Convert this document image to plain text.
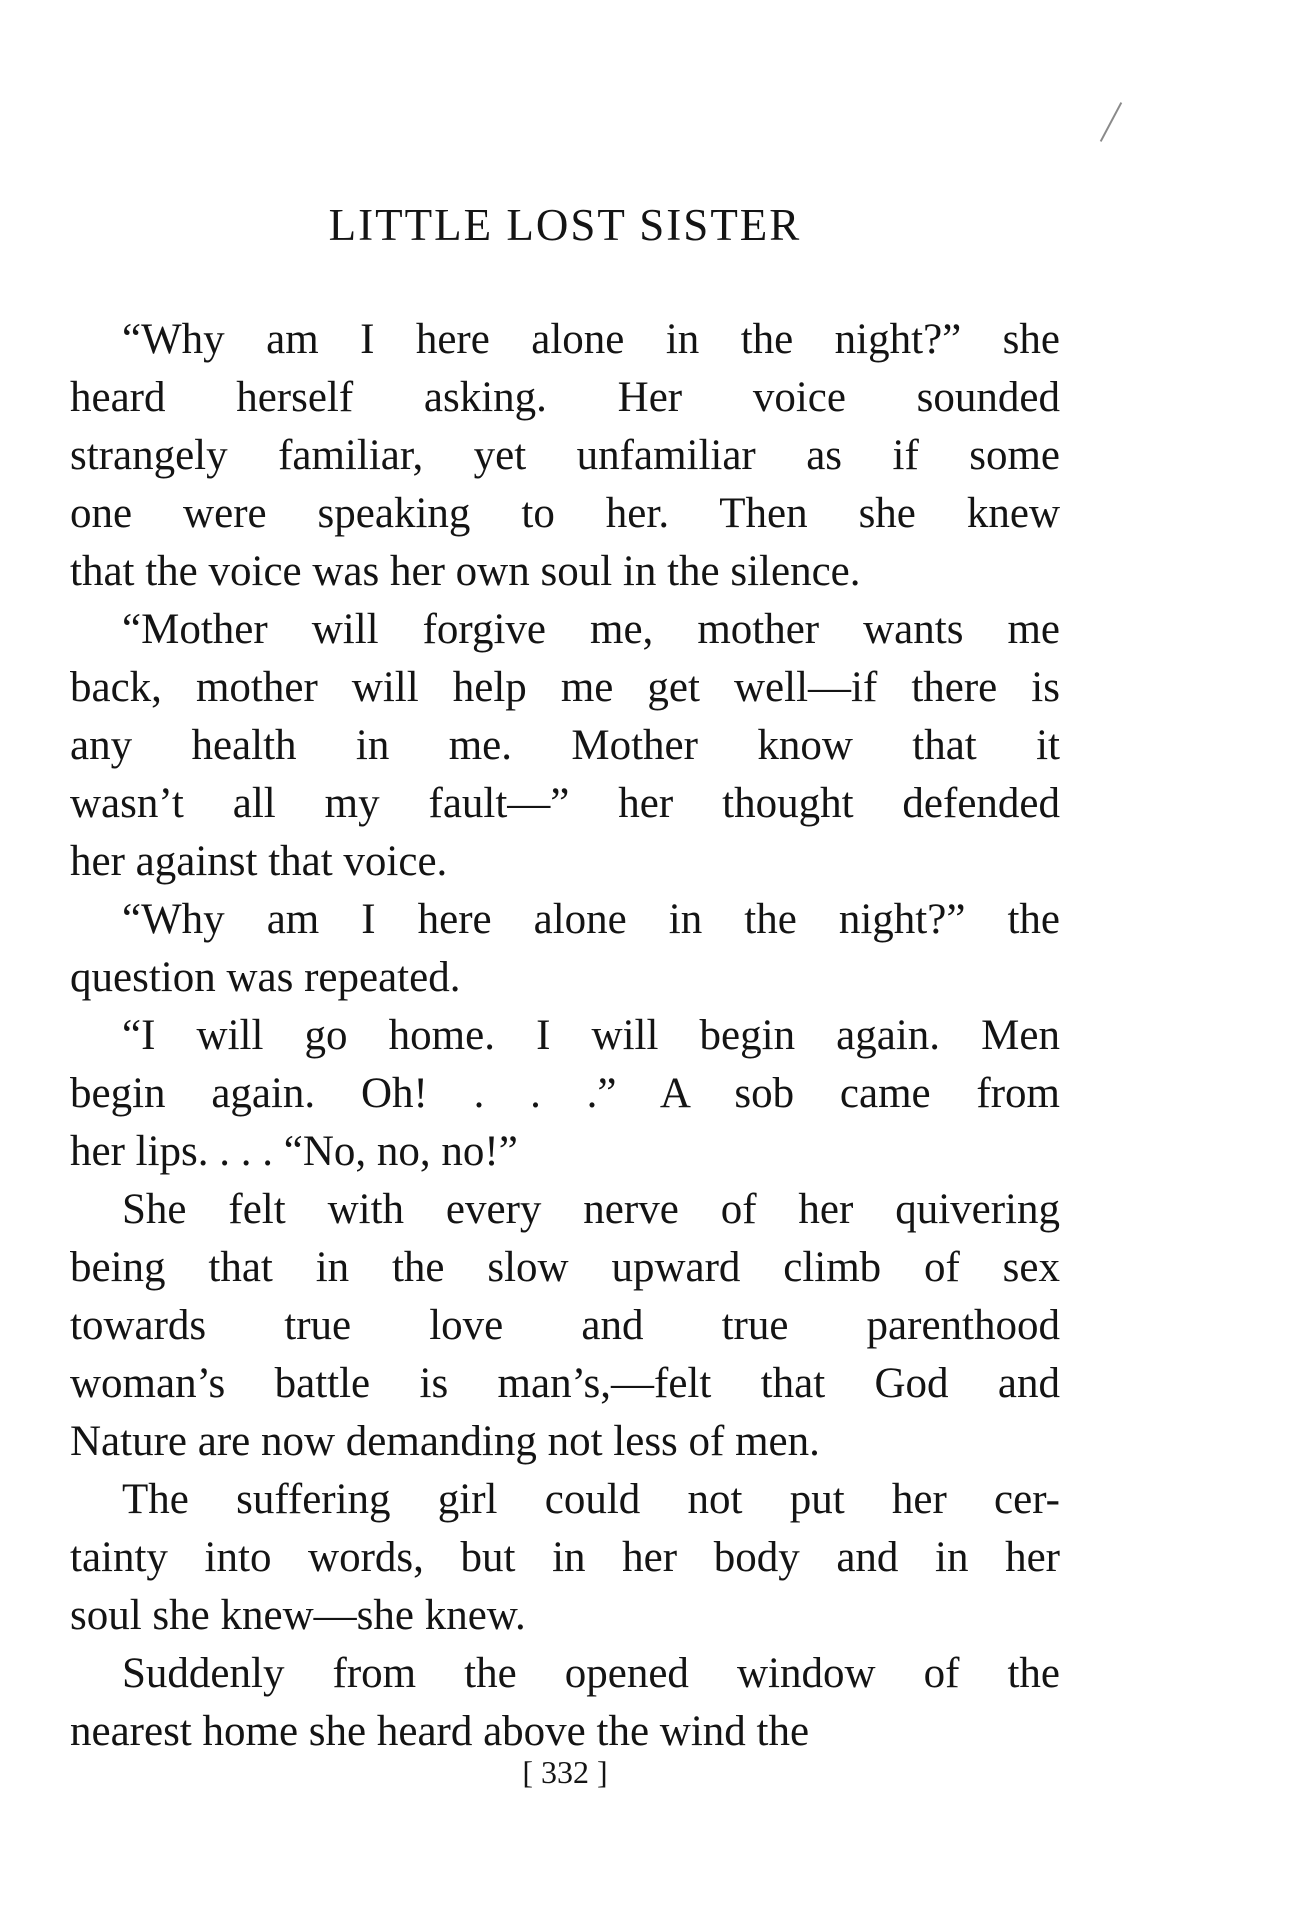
LITTLE LOST SISTER
“Why am I here alone in the night?” she
heard herself asking. Her voice sounded
strangely familiar, yet unfamiliar as if some
one were speaking to her. Then she knew
that the voice was her own soul in the silence.
“Mother will forgive me, mother wants me
back, mother will help me get well—if there is
any health in me. Mother know that it
wasn’t all my fault—” her thought defended
her against that voice.
“Why am I here alone in the night?” the
question was repeated.
“I will go home. I will begin again. Men
begin again. Oh! . . .” A sob came from
her lips. . . . “No, no, no!”
She felt with every nerve of her quivering
being that in the slow upward climb of sex
towards true love and true parenthood
woman’s battle is man’s,—felt that God and
Nature are now demanding not less of men.
The suffering girl could not put her cer-
tainty into words, but in her body and in her
soul she knew—she knew.
Suddenly from the opened window of the
nearest home she heard above the wind the
[ 332 ]
